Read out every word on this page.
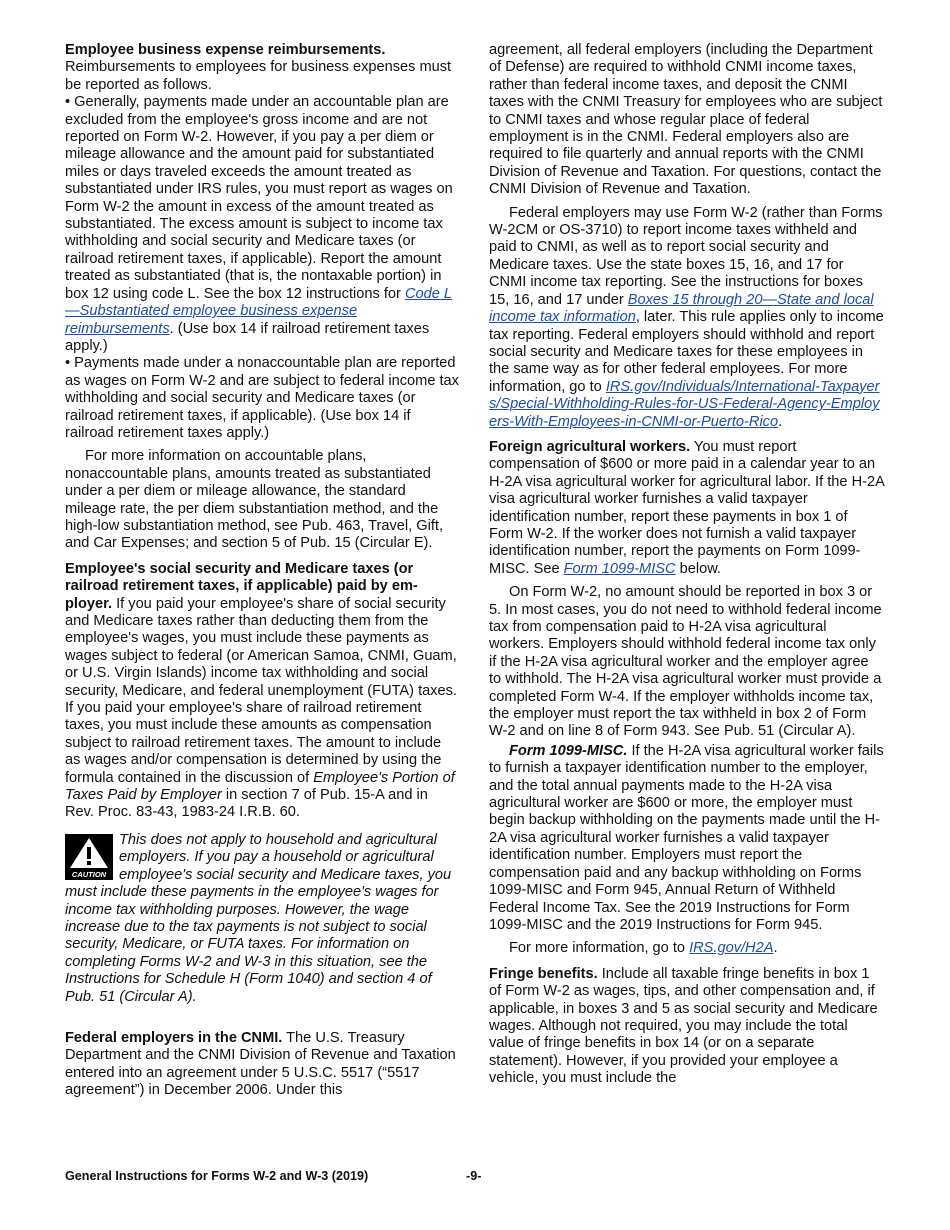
Employee business expense reimbursements.

Reimbursements to employees for business expenses must be reported as follows.

• Generally, payments made under an accountable plan are excluded from the employee's gross income and are not reported on Form W-2. However, if you pay a per diem or mileage allowance and the amount paid for substantiated miles or days traveled exceeds the amount treated as substantiated under IRS rules, you must report as wages on Form W-2 the amount in excess of the amount treated as substantiated. The excess amount is subject to income tax withholding and social security and Medicare taxes (or railroad retirement taxes, if applicable). Report the amount treated as substantiated (that is, the nontaxable portion) in box 12 using code L. See the box 12 instructions for Code L—Substantiated employee business expense reimbursements. (Use box 14 if railroad retirement taxes apply.)

• Payments made under a nonaccountable plan are reported as wages on Form W-2 and are subject to federal income tax withholding and social security and Medicare taxes (or railroad retirement taxes, if applicable). (Use box 14 if railroad retirement taxes apply.)

For more information on accountable plans, nonaccountable plans, amounts treated as substantiated under a per diem or mileage allowance, the standard mileage rate, the per diem substantiation method, and the high-low substantiation method, see Pub. 463, Travel, Gift, and Car Expenses; and section 5 of Pub. 15 (Circular E).

Employee's social security and Medicare taxes (or railroad retirement taxes, if applicable) paid by em-ployer. If you paid your employee's share of social security and Medicare taxes rather than deducting them from the employee's wages, you must include these payments as wages subject to federal (or American Samoa, CNMI, Guam, or U.S. Virgin Islands) income tax withholding and social security, Medicare, and federal unemployment (FUTA) taxes. If you paid your employee's share of railroad retirement taxes, you must include these amounts as compensation subject to railroad retirement taxes. The amount to include as wages and/or compensation is determined by using the formula contained in the discussion of Employee's Portion of Taxes Paid by Employer in section 7 of Pub. 15-A and in Rev. Proc. 83-43, 1983-24 I.R.B. 60.

CAUTION
This does not apply to household and agricultural employers. If you pay a household or agricultural employee's social security and Medicare taxes, you must include these payments in the employee's wages for income tax withholding purposes. However, the wage increase due to the tax payments is not subject to social security, Medicare, or FUTA taxes. For information on completing Forms W-2 and W-3 in this situation, see the Instructions for Schedule H (Form 1040) and section 4 of Pub. 51 (Circular A).

Federal employers in the CNMI. The U.S. Treasury Department and the CNMI Division of Revenue and Taxation entered into an agreement under 5 U.S.C. 5517 (“5517 agreement”) in December 2006. Under this

agreement, all federal employers (including the Department of Defense) are required to withhold CNMI income taxes, rather than federal income taxes, and deposit the CNMI taxes with the CNMI Treasury for employees who are subject to CNMI taxes and whose regular place of federal employment is in the CNMI. Federal employers also are required to file quarterly and annual reports with the CNMI Division of Revenue and Taxation. For questions, contact the CNMI Division of Revenue and Taxation.

Federal employers may use Form W-2 (rather than Forms W-2CM or OS-3710) to report income taxes withheld and paid to CNMI, as well as to report social security and Medicare taxes. Use the state boxes 15, 16, and 17 for CNMI income tax reporting. See the instructions for boxes 15, 16, and 17 under Boxes 15 through 20—State and local income tax information, later. This rule applies only to income tax reporting. Federal employers should withhold and report social security and Medicare taxes for these employees in the same way as for other federal employees. For more information, go to IRS.gov/Individuals/International-Taxpayers/Special-Withholding-Rules-for-US-Federal-Agency-Employers-With-Employees-in-CNMI-or-Puerto-Rico.

Foreign agricultural workers. You must report compensation of $600 or more paid in a calendar year to an H-2A visa agricultural worker for agricultural labor. If the H-2A visa agricultural worker furnishes a valid taxpayer identification number, report these payments in box 1 of Form W-2. If the worker does not furnish a valid taxpayer identification number, report the payments on Form 1099-MISC. See Form 1099-MISC below.

On Form W-2, no amount should be reported in box 3 or 5. In most cases, you do not need to withhold federal income tax from compensation paid to H-2A visa agricultural workers. Employers should withhold federal income tax only if the H-2A visa agricultural worker and the employer agree to withhold. The H-2A visa agricultural worker must provide a completed Form W-4. If the employer withholds income tax, the employer must report the tax withheld in box 2 of Form W-2 and on line 8 of Form 943. See Pub. 51 (Circular A).

Form 1099-MISC. If the H-2A visa agricultural worker fails to furnish a taxpayer identification number to the employer, and the total annual payments made to the H-2A visa agricultural worker are $600 or more, the employer must begin backup withholding on the payments made until the H-2A visa agricultural worker furnishes a valid taxpayer identification number. Employers must report the compensation paid and any backup withholding on Forms 1099-MISC and Form 945, Annual Return of Withheld Federal Income Tax. See the 2019 Instructions for Form 1099-MISC and the 2019 Instructions for Form 945.

For more information, go to IRS.gov/H2A.

Fringe benefits. Include all taxable fringe benefits in box 1 of Form W-2 as wages, tips, and other compensation and, if applicable, in boxes 3 and 5 as social security and Medicare wages. Although not required, you may include the total value of fringe benefits in box 14 (or on a separate statement). However, if you provided your employee a vehicle, you must include the

General Instructions for Forms W-2 and W-3 (2019)	-9-
